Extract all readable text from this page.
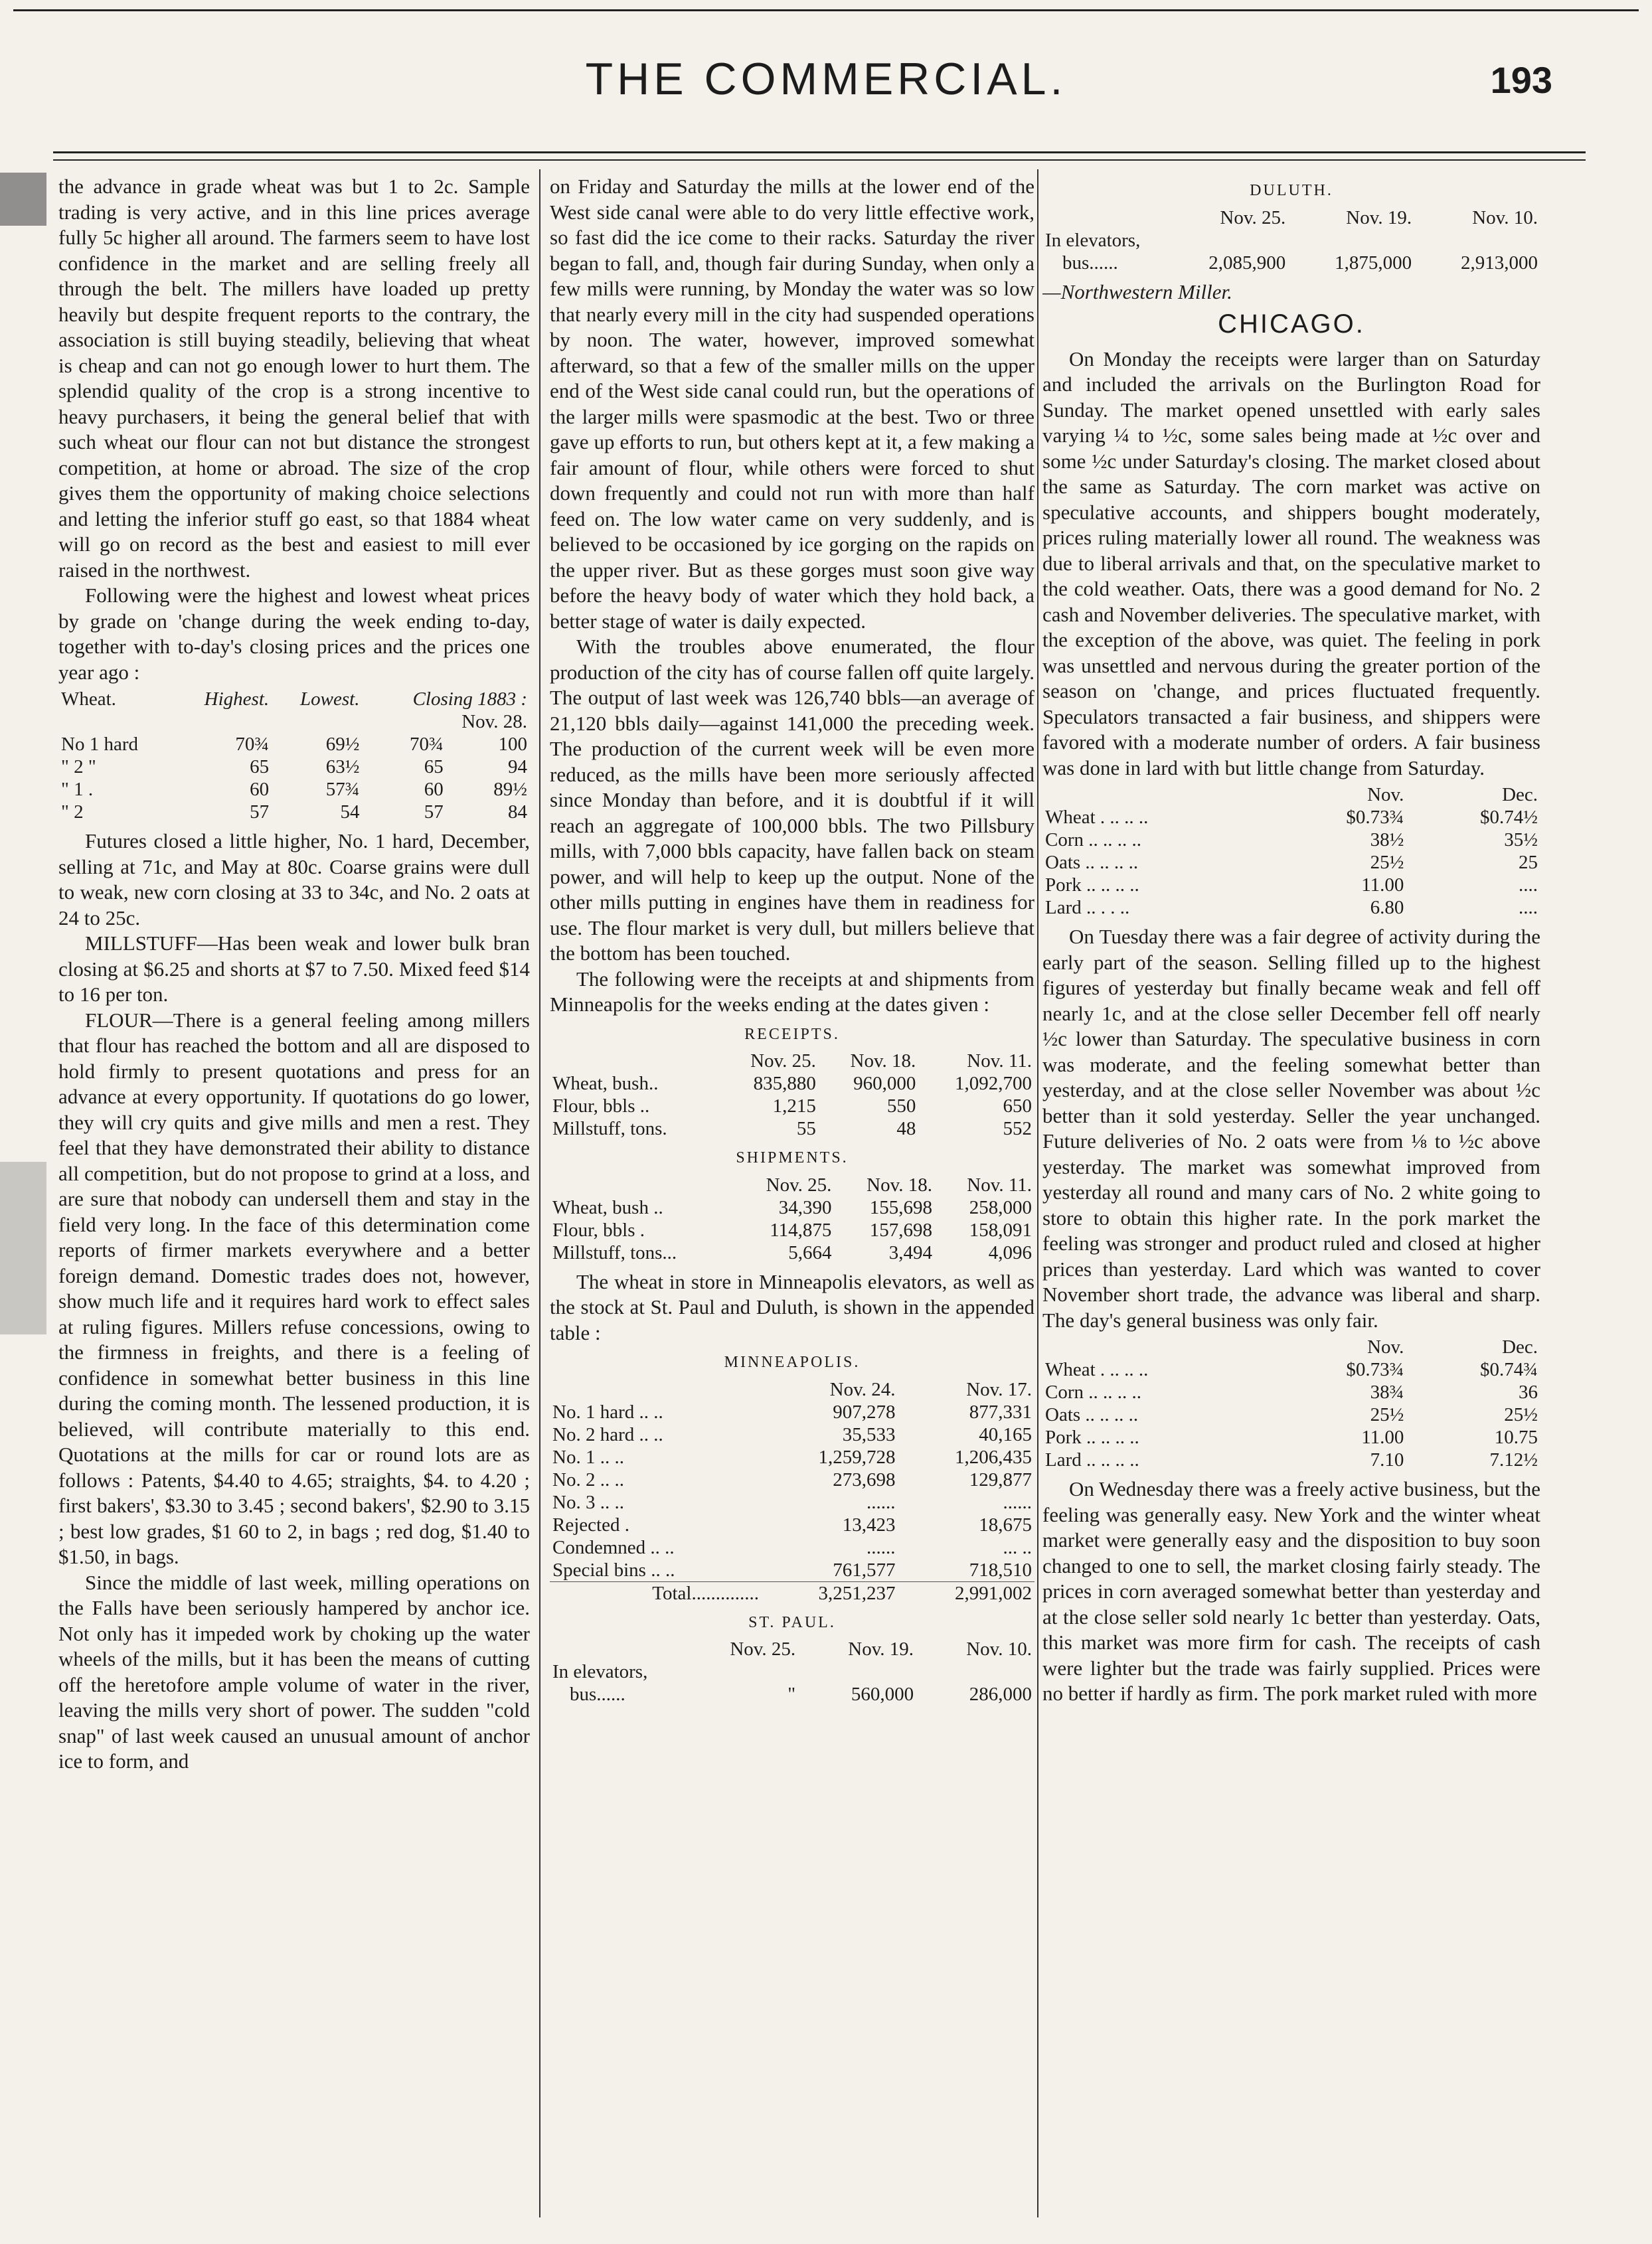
THE COMMERCIAL.	193

the advance in grade wheat was but 1 to 2c. Sample trading is very active, and in this line prices average fully 5c higher all around. The farmers seem to have lost confidence in the market and are selling freely all through the belt. The millers have loaded up pretty heavily but despite frequent reports to the contrary, the association is still buying steadily, believing that wheat is cheap and can not go enough lower to hurt them. The splendid quality of the crop is a strong incentive to heavy purchasers, it being the general belief that with such wheat our flour can not but distance the strongest competition, at home or abroad. The size of the crop gives them the opportunity of making choice selections and letting the inferior stuff go east, so that 1884 wheat will go on record as the best and easiest to mill ever raised in the northwest.

Following were the highest and lowest wheat prices by grade on 'change during the week ending to-day, together with to-day's closing prices and the prices one year ago :

Wheat.	Highest.	Lowest.	Closing 1883 :	
Nov. 28.				
No 1 hard	70¾	69½	70¾	100
" 2 "	65	63½	65	94
" 1 .	60	57¾	60	89½
" 2	57	54	57	84

Futures closed a little higher, No. 1 hard, December, selling at 71c, and May at 80c. Coarse grains were dull to weak, new corn closing at 33 to 34c, and No. 2 oats at 24 to 25c.

MILLSTUFF—Has been weak and lower bulk bran closing at $6.25 and shorts at $7 to 7.50. Mixed feed $14 to 16 per ton.

FLOUR—There is a general feeling among millers that flour has reached the bottom and all are disposed to hold firmly to present quotations and press for an advance at every opportunity. If quotations do go lower, they will cry quits and give mills and men a rest. They feel that they have demonstrated their ability to distance all competition, but do not propose to grind at a loss, and are sure that nobody can undersell them and stay in the field very long. In the face of this determination come reports of firmer markets everywhere and a better foreign demand. Domestic trades does not, however, show much life and it requires hard work to effect sales at ruling figures. Millers refuse concessions, owing to the firmness in freights, and there is a feeling of confidence in somewhat better business in this line during the coming month. The lessened production, it is believed, will contribute materially to this end. Quotations at the mills for car or round lots are as follows : Patents, $4.40 to 4.65; straights, $4. to 4.20 ; first bakers', $3.30 to 3.45 ; second bakers', $2.90 to 3.15 ; best low grades, $1 60 to 2, in bags ; red dog, $1.40 to $1.50, in bags.

Since the middle of last week, milling operations on the Falls have been seriously hampered by anchor ice. Not only has it impeded work by choking up the water wheels of the mills, but it has been the means of cutting off the heretofore ample volume of water in the river, leaving the mills very short of power. The sudden "cold snap" of last week caused an unusual amount of anchor ice to form, and

on Friday and Saturday the mills at the lower end of the West side canal were able to do very little effective work, so fast did the ice come to their racks. Saturday the river began to fall, and, though fair during Sunday, when only a few mills were running, by Monday the water was so low that nearly every mill in the city had suspended operations by noon. The water, however, improved somewhat afterward, so that a few of the smaller mills on the upper end of the West side canal could run, but the operations of the larger mills were spasmodic at the best. Two or three gave up efforts to run, but others kept at it, a few making a fair amount of flour, while others were forced to shut down frequently and could not run with more than half feed on. The low water came on very suddenly, and is believed to be occasioned by ice gorging on the rapids on the upper river. But as these gorges must soon give way before the heavy body of water which they hold back, a better stage of water is daily expected.

With the troubles above enumerated, the flour production of the city has of course fallen off quite largely. The output of last week was 126,740 bbls—an average of 21,120 bbls daily—against 141,000 the preceding week. The production of the current week will be even more reduced, as the mills have been more seriously affected since Monday than before, and it is doubtful if it will reach an aggregate of 100,000 bbls. The two Pillsbury mills, with 7,000 bbls capacity, have fallen back on steam power, and will help to keep up the output. None of the other mills putting in engines have them in readiness for use. The flour market is very dull, but millers believe that the bottom has been touched.

The following were the receipts at and shipments from Minneapolis for the weeks ending at the dates given :

RECEIPTS.
	Nov. 25.	Nov. 18.	Nov. 11.
Wheat, bush..	835,880	960,000	1,092,700
Flour, bbls ..	1,215	550	650
Millstuff, tons.	55	48	552
SHIPMENTS.
	Nov. 25.	Nov. 18.	Nov. 11.
Wheat, bush ..	34,390	155,698	258,000
Flour, bbls .	114,875	157,698	158,091
Millstuff, tons...	5,664	3,494	4,096

The wheat in store in Minneapolis elevators, as well as the stock at St. Paul and Duluth, is shown in the appended table :

MINNEAPOLIS.
	Nov. 24.	Nov. 17.
No. 1 hard .. ..	907,278	877,331
No. 2 hard .. ..	35,533	40,165
No. 1 .. ..	1,259,728	1,206,435
No. 2 .. ..	273,698	129,877
No. 3 .. ..	......	......
Rejected .	13,423	18,675
Condemned .. ..	......	... ..
Special bins .. ..	761,577	718,510
Total..............	3,251,237	2,991,002
ST. PAUL.
	Nov. 25.	Nov. 19.	Nov. 10.
In elevators,			
bus......	"	560,000	286,000
DULUTH.
	Nov. 25.	Nov. 19.	Nov. 10.
In elevators,			
bus......	2,085,900	1,875,000	2,913,000

—Northwestern Miller.

CHICAGO.

On Monday the receipts were larger than on Saturday and included the arrivals on the Burlington Road for Sunday. The market opened unsettled with early sales varying ¼ to ½c, some sales being made at ½c over and some ½c under Saturday's closing. The market closed about the same as Saturday. The corn market was active on speculative accounts, and shippers bought moderately, prices ruling materially lower all round. The weakness was due to liberal arrivals and that, on the speculative market to the cold weather. Oats, there was a good demand for No. 2 cash and November deliveries. The speculative market, with the exception of the above, was quiet. The feeling in pork was unsettled and nervous during the greater portion of the season on 'change, and prices fluctuated frequently. Speculators transacted a fair business, and shippers were favored with a moderate number of orders. A fair business was done in lard with but little change from Saturday.

	Nov.	Dec.
Wheat . .. .. ..	$0.73¾	$0.74½
Corn .. .. .. ..	38½	35½
Oats .. .. .. ..	25½	25
Pork .. .. .. ..	11.00	....
Lard .. . . ..	6.80	....

On Tuesday there was a fair degree of activity during the early part of the season. Selling filled up to the highest figures of yesterday but finally became weak and fell off nearly 1c, and at the close seller December fell off nearly ½c lower than Saturday. The speculative business in corn was moderate, and the feeling somewhat better than yesterday, and at the close seller November was about ½c better than it sold yesterday. Seller the year unchanged. Future deliveries of No. 2 oats were from ⅛ to ½c above yesterday. The market was somewhat improved from yesterday all round and many cars of No. 2 white going to store to obtain this higher rate. In the pork market the feeling was stronger and product ruled and closed at higher prices than yesterday. Lard which was wanted to cover November short trade, the advance was liberal and sharp. The day's general business was only fair.

	Nov.	Dec.
Wheat . .. .. ..	$0.73¾	$0.74¾
Corn .. .. .. ..	38¾	36
Oats .. .. .. ..	25½	25½
Pork .. .. .. ..	11.00	10.75
Lard .. .. .. ..	7.10	7.12½

On Wednesday there was a freely active business, but the feeling was generally easy. New York and the winter wheat market were generally easy and the disposition to buy soon changed to one to sell, the market closing fairly steady. The prices in corn averaged somewhat better than yesterday and at the close seller sold nearly 1c better than yesterday. Oats, this market was more firm for cash. The receipts of cash were lighter but the trade was fairly supplied. Prices were no better if hardly as firm. The pork market ruled with more
